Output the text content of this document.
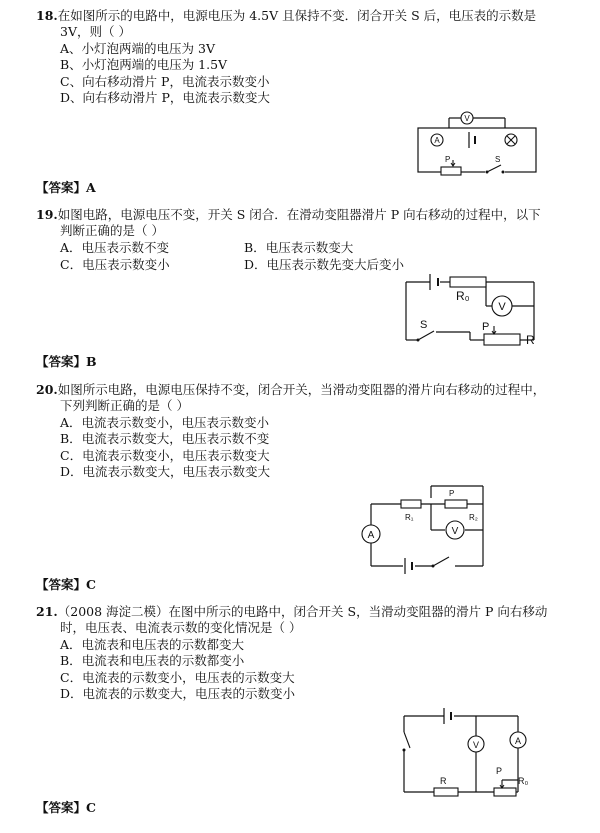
18.在如图所示的电路中，电源电压为 4.5V 且保持不变．闭合开关 S 后，电压表的示数是
3V，则（ ）
A、小灯泡两端的电压为 3V
B、小灯泡两端的电压为 1.5V
C、向右移动滑片 P，电流表示数变小
D、向右移动滑片 P，电流表示数变大
V
A
P	S
【答案】A
19.如图电路，电源电压不变，开关 S 闭合．在滑动变阻器滑片 P 向右移动的过程中，以下
判断正确的是（ ）
A．电压表示数不变	B．电压表示数变大
C．电压表示数变小	D．电压表示数先变大后变小
R₀
V
S	P
R
【答案】B
20.如图所示电路，电源电压保持不变，闭合开关，当滑动变阻器的滑片向右移动的过程中，
下列判断正确的是（ ）
A．电流表示数变小，电压表示数变小
B．电流表示数变大，电压表示数不变
C．电流表示数变小，电压表示数变大
D．电流表示数变大，电压表示数变大
R₁
P
R₂
A	V
【答案】C
21.（2008 海淀二模）在图中所示的电路中，闭合开关 S，当滑动变阻器的滑片 P 向右移动
时，电压表、电流表示数的变化情况是（ ）
A．电流表和电压表的示数都变大
B．电流表和电压表的示数都变小
C．电流表的示数变小，电压表的示数变大
D．电流表的示数变大，电压表的示数变小
V	A
R
P
R₀
【答案】C
